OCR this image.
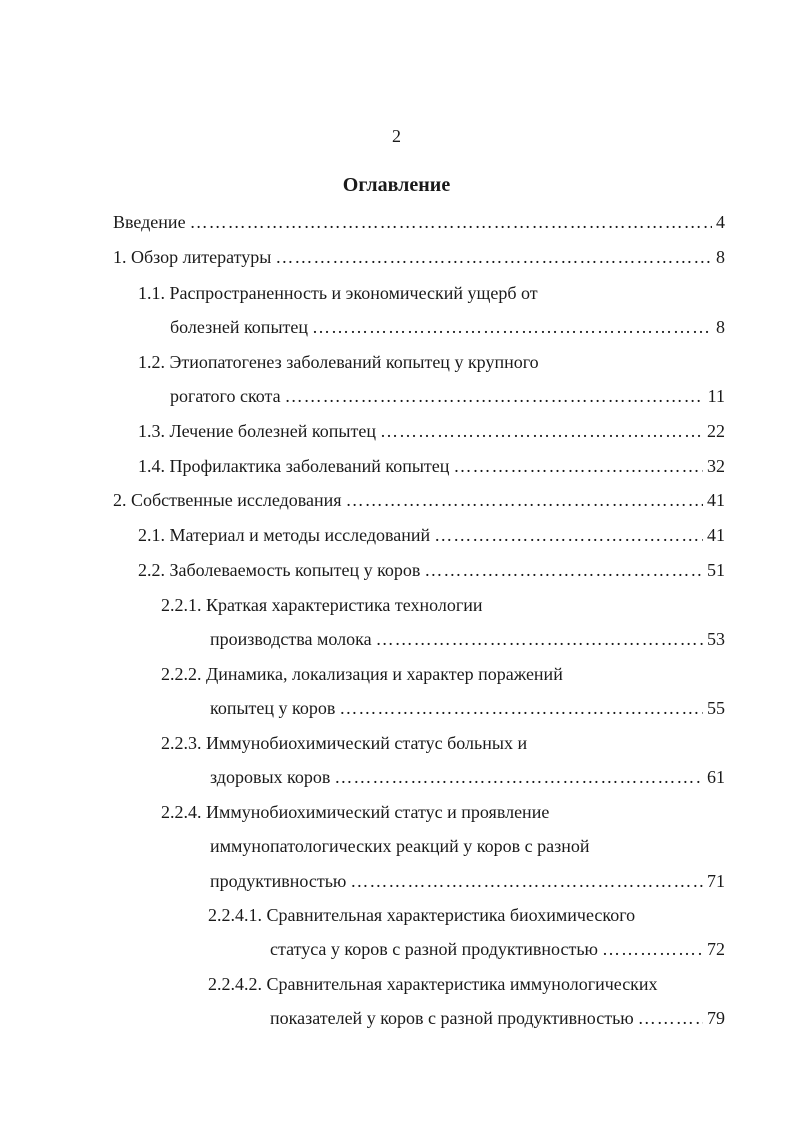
2
Оглавление
Введение …………………………………………………………………………………………………………………………………………………………	4
1. Обзор литературы …………………………………………………………………………………………………………………………………………………………	8
1.1. Распространенность и экономический ущерб от
болезней копытец …………………………………………………………………………………………………………………………………………………………	8
1.2. Этиопатогенез заболеваний копытец у крупного
рогатого скота …………………………………………………………………………………………………………………………………………………………	11
1.3. Лечение болезней копытец …………………………………………………………………………………………………………………………………………………………	22
1.4. Профилактика заболеваний копытец …………………………………………………………………………………………………………………………………………………………	32
2. Собственные исследования …………………………………………………………………………………………………………………………………………………………	41
2.1. Материал и методы исследований …………………………………………………………………………………………………………………………………………………………	41
2.2. Заболеваемость копытец у коров …………………………………………………………………………………………………………………………………………………………	51
2.2.1. Краткая характеристика технологии
производства молока …………………………………………………………………………………………………………………………………………………………	53
2.2.2. Динамика, локализация и характер поражений
копытец у коров …………………………………………………………………………………………………………………………………………………………	55
2.2.3. Иммунобиохимический статус больных и
здоровых коров …………………………………………………………………………………………………………………………………………………………	61
2.2.4. Иммунобиохимический статус и проявление
иммунопатологических реакций у коров с разной
продуктивностью …………………………………………………………………………………………………………………………………………………………	71
2.2.4.1. Сравнительная характеристика биохимического
статуса у коров с разной продуктивностью …………………………………………………………………………………………………………………………………………………………	72
2.2.4.2. Сравнительная характеристика иммунологических
показателей у коров с разной продуктивностью …………………………………………………………………………………………………………………………………………………………	79
